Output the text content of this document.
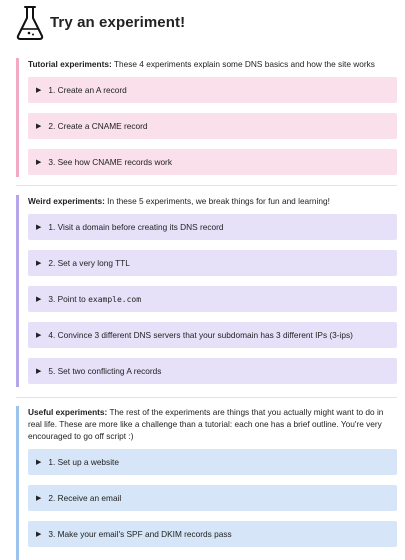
Try an experiment!

Tutorial experiments: These 4 experiments explain some DNS basics and how the site works

▶ 1. Create an A record
▶ 2. Create a CNAME record
▶ 3. See how CNAME records work

Weird experiments: In these 5 experiments, we break things for fun and learning!

▶ 1. Visit a domain before creating its DNS record
▶ 2. Set a very long TTL
▶ 3. Point to example.com
▶ 4. Convince 3 different DNS servers that your subdomain has 3 different IPs (3-ips)
▶ 5. Set two conflicting A records

Useful experiments: The rest of the experiments are things that you actually might want to do in real life. These are more like a challenge than a tutorial: each one has a brief outline. You're very encouraged to go off script :)

▶ 1. Set up a website
▶ 2. Receive an email
▶ 3. Make your email's SPF and DKIM records pass
